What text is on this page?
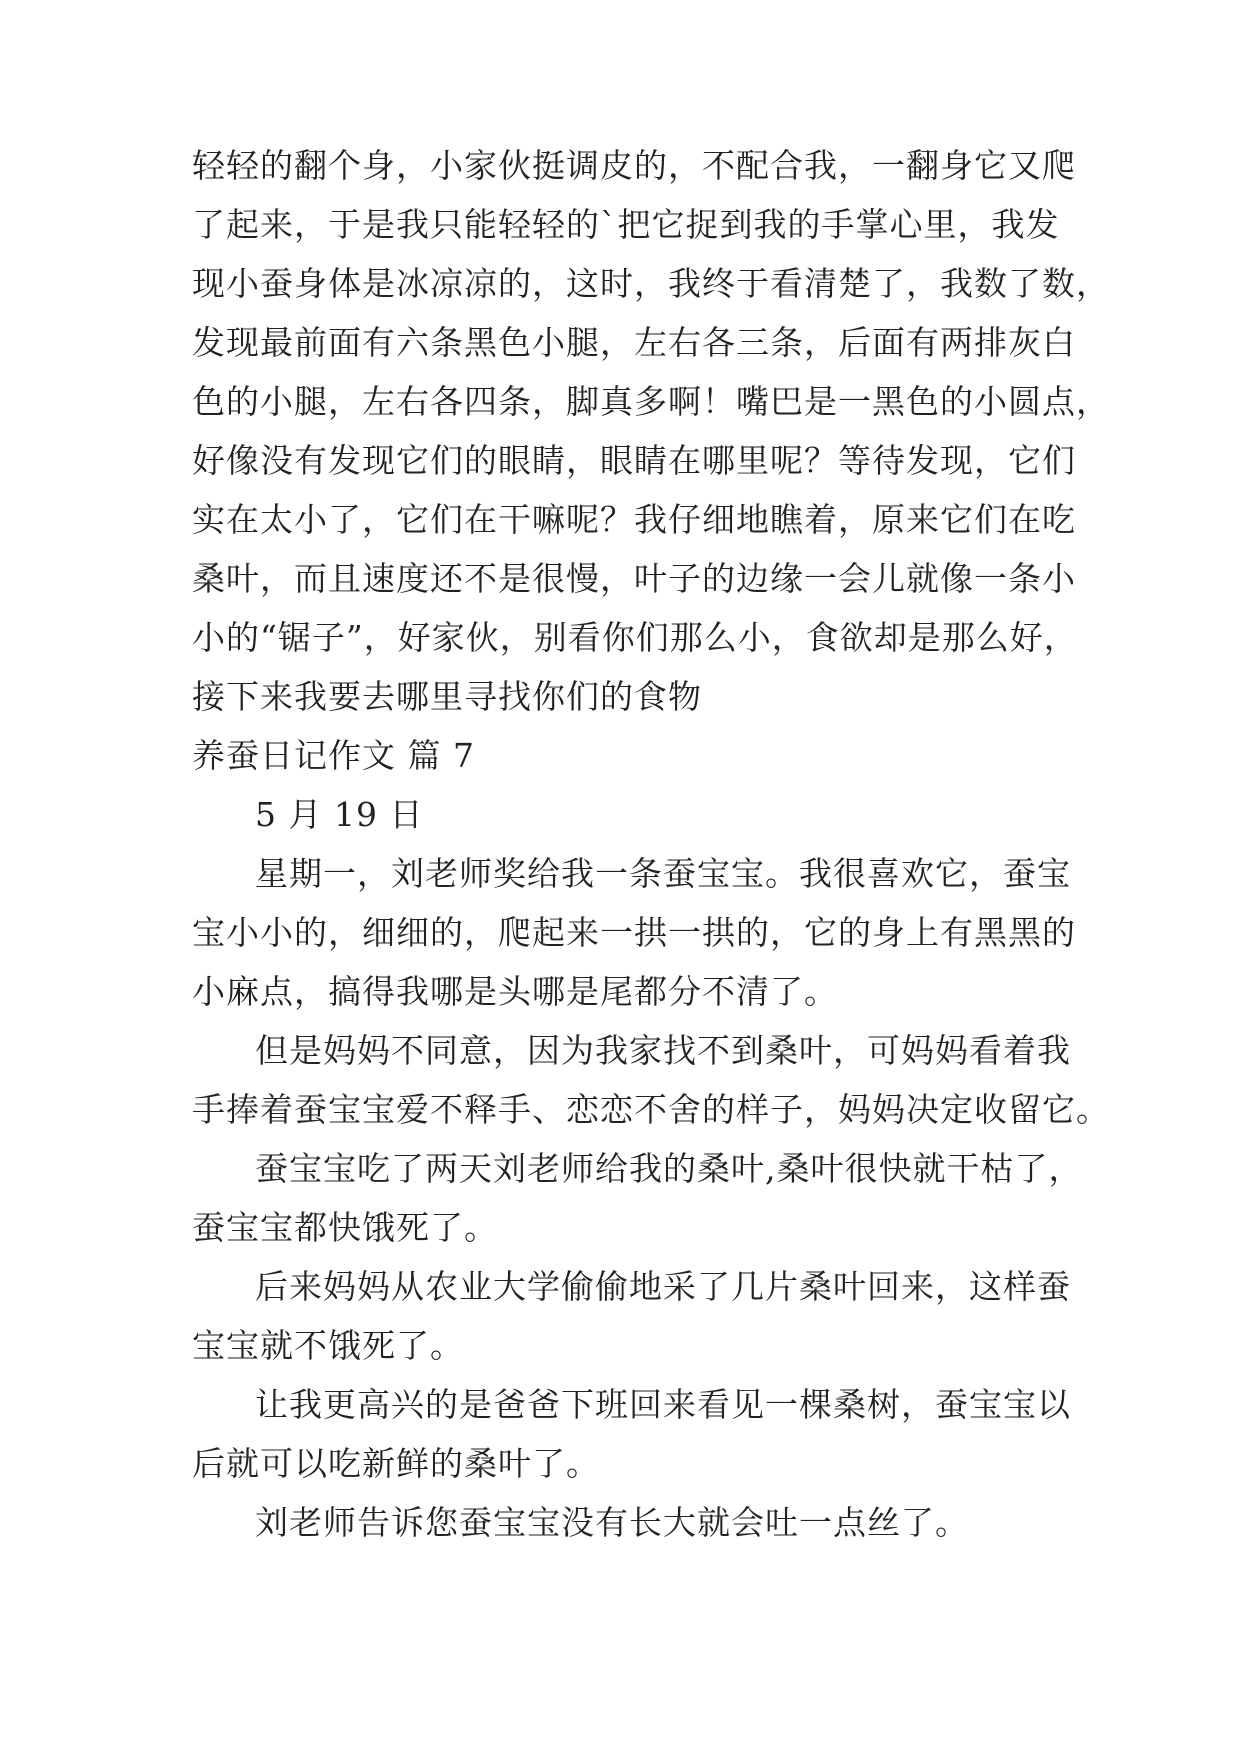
轻轻的翻个身，小家伙挺调皮的，不配合我，一翻身它又爬
了起来，于是我只能轻轻的`把它捉到我的手掌心里，我发
现小蚕身体是冰凉凉的，这时，我终于看清楚了，我数了数，
发现最前面有六条黑色小腿，左右各三条，后面有两排灰白
色的小腿，左右各四条，脚真多啊！嘴巴是一黑色的小圆点，
好像没有发现它们的眼睛，眼睛在哪里呢？等待发现，它们
实在太小了，它们在干嘛呢？我仔细地瞧着，原来它们在吃
桑叶，而且速度还不是很慢，叶子的边缘一会儿就像一条小
小的“锯子”，好家伙，别看你们那么小，食欲却是那么好，
接下来我要去哪里寻找你们的食物
养蚕日记作文 篇 7
5 月 19 日
星期一，刘老师奖给我一条蚕宝宝。我很喜欢它，蚕宝
宝小小的，细细的，爬起来一拱一拱的，它的身上有黑黑的
小麻点，搞得我哪是头哪是尾都分不清了。
但是妈妈不同意，因为我家找不到桑叶，可妈妈看着我
手捧着蚕宝宝爱不释手、恋恋不舍的样子，妈妈决定收留它。
蚕宝宝吃了两天刘老师给我的桑叶,桑叶很快就干枯了，
蚕宝宝都快饿死了。
后来妈妈从农业大学偷偷地采了几片桑叶回来，这样蚕
宝宝就不饿死了。
让我更高兴的是爸爸下班回来看见一棵桑树，蚕宝宝以
后就可以吃新鲜的桑叶了。
刘老师告诉您蚕宝宝没有长大就会吐一点丝了。
